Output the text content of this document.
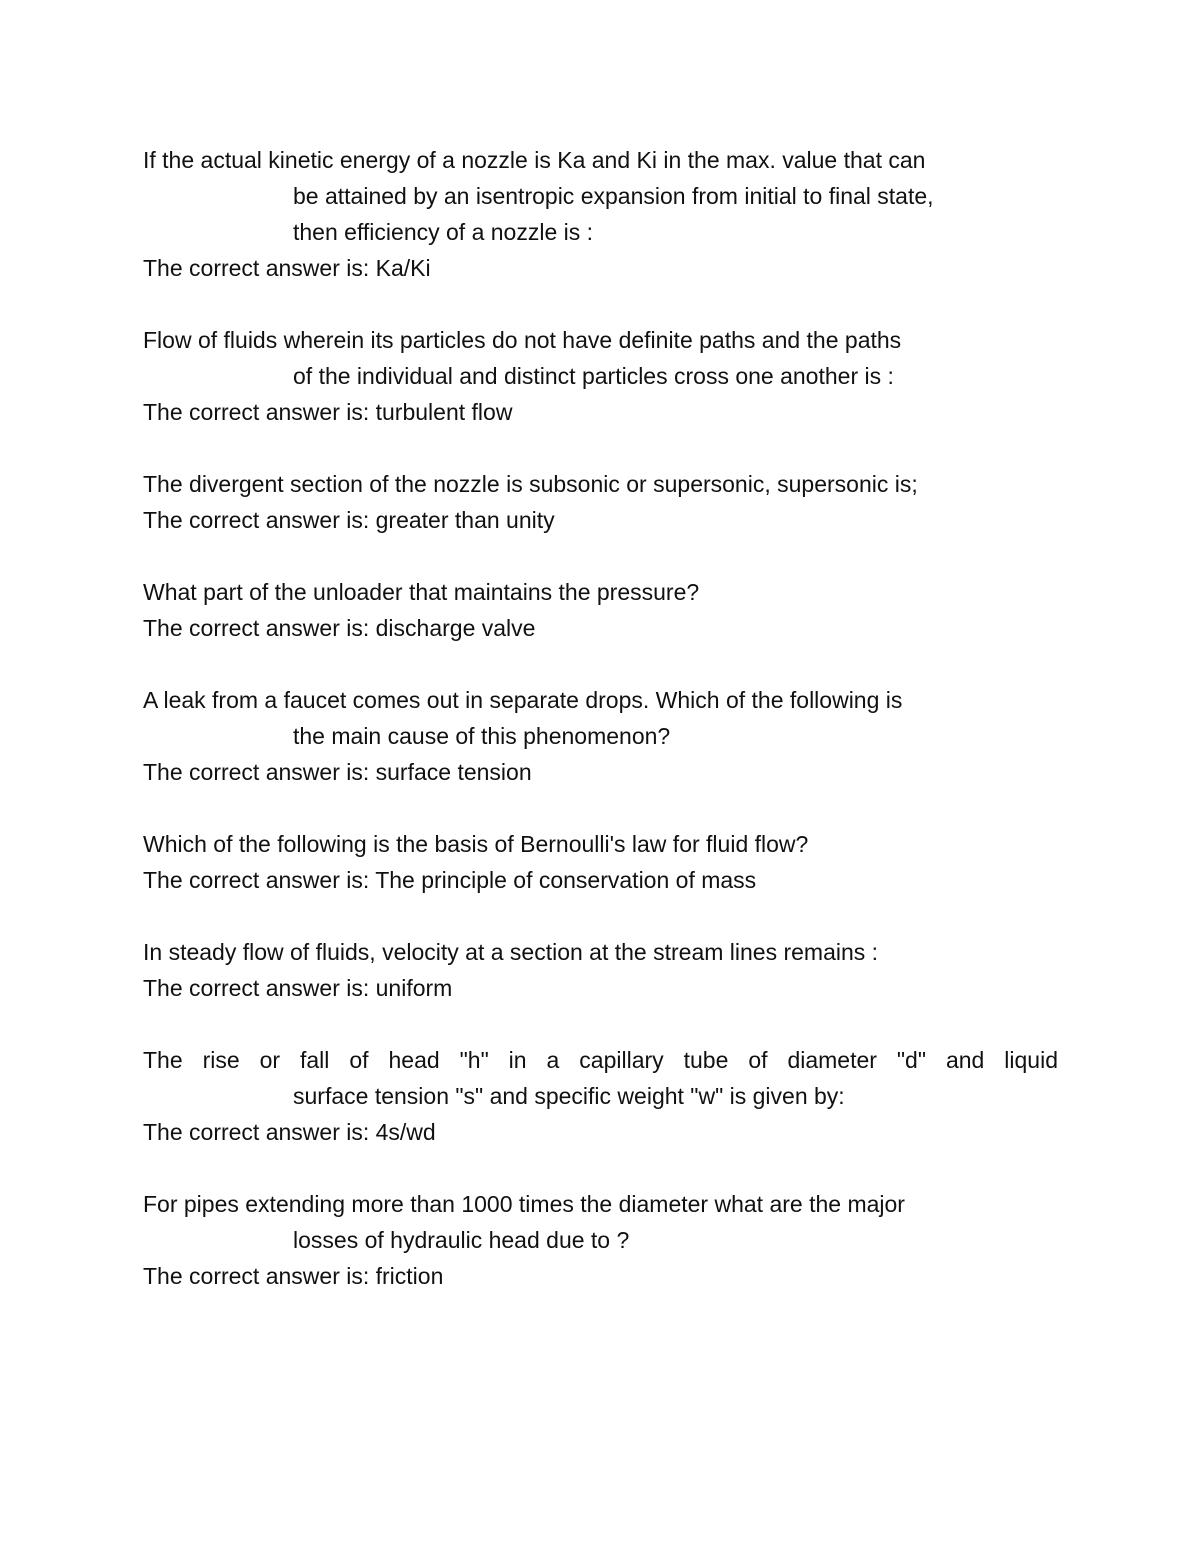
If the actual kinetic energy of a nozzle is Ka and Ki in the max. value that can
be attained by an isentropic expansion from initial to final state,
then efficiency of a nozzle is :
The correct answer is: Ka/Ki
Flow of fluids wherein its particles do not have definite paths and the paths
of the individual and distinct particles cross one another is :
The correct answer is: turbulent flow
The divergent section of the nozzle is subsonic or supersonic, supersonic is;
The correct answer is: greater than unity
What part of the unloader that maintains the pressure?
The correct answer is: discharge valve
A leak from a faucet comes out in separate drops. Which of the following is
the main cause of this phenomenon?
The correct answer is: surface tension
Which of the following is the basis of Bernoulli's law for fluid flow?
The correct answer is: The principle of conservation of mass
In steady flow of fluids, velocity at a section at the stream lines remains :
The correct answer is: uniform
The rise or fall of head "h" in a capillary tube of diameter "d" and liquid
surface tension "s" and specific weight "w" is given by:
The correct answer is: 4s/wd
For pipes extending more than 1000 times the diameter what are the major
losses of hydraulic head due to ?
The correct answer is: friction
